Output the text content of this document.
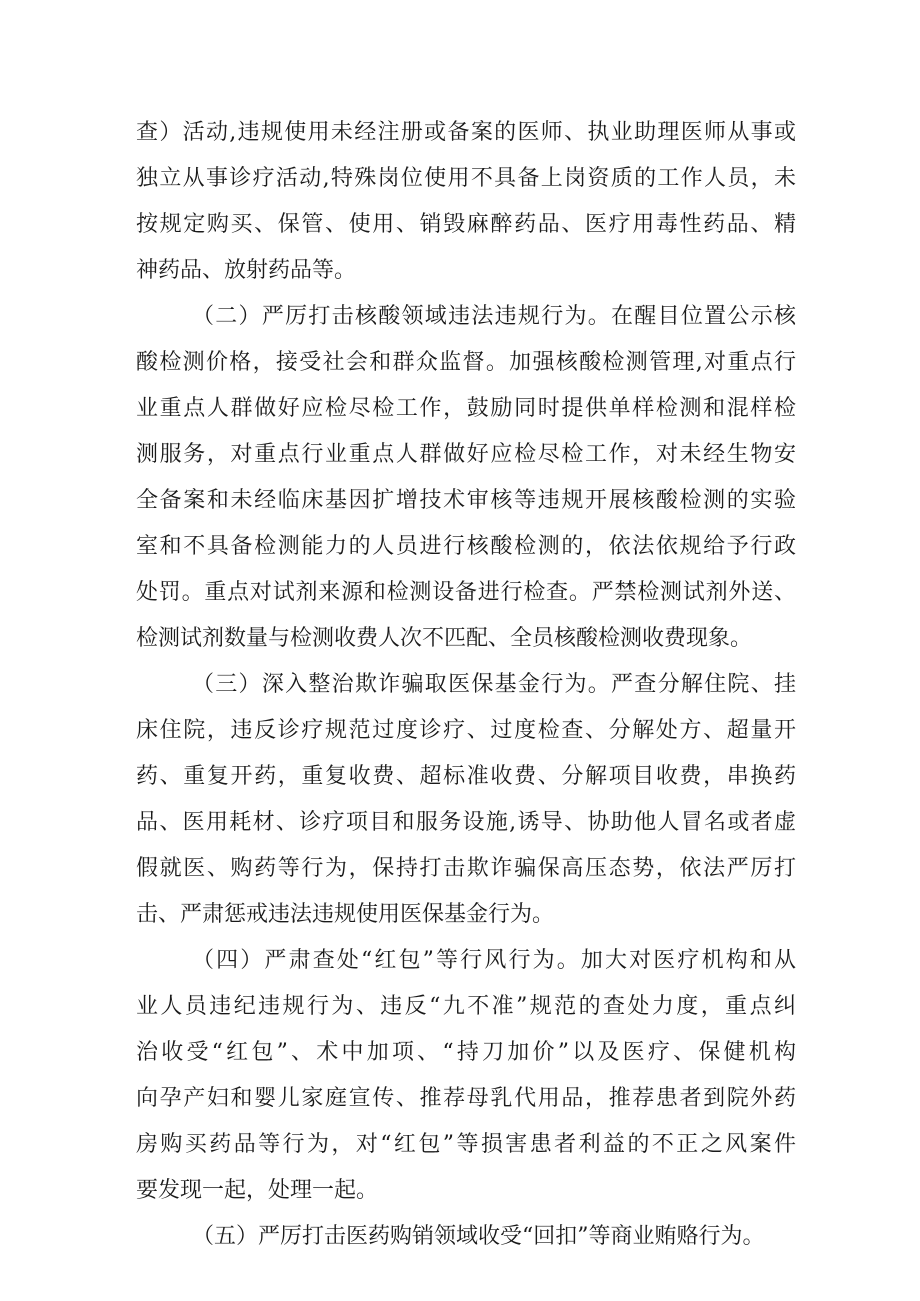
查）活动,违规使用未经注册或备案的医师、执业助理医师从事或
独立从事诊疗活动,特殊岗位使用不具备上岗资质的工作人员，未
按规定购买、保管、使用、销毁麻醉药品、医疗用毒性药品、精
神药品、放射药品等。
（二）严厉打击核酸领域违法违规行为。在醒目位置公示核
酸检测价格，接受社会和群众监督。加强核酸检测管理,对重点行
业重点人群做好应检尽检工作，鼓励同时提供单样检测和混样检
测服务，对重点行业重点人群做好应检尽检工作，对未经生物安
全备案和未经临床基因扩增技术审核等违规开展核酸检测的实验
室和不具备检测能力的人员进行核酸检测的，依法依规给予行政
处罚。重点对试剂来源和检测设备进行检查。严禁检测试剂外送、
检测试剂数量与检测收费人次不匹配、全员核酸检测收费现象。
（三）深入整治欺诈骗取医保基金行为。严查分解住院、挂
床住院，违反诊疗规范过度诊疗、过度检查、分解处方、超量开
药、重复开药，重复收费、超标准收费、分解项目收费，串换药
品、医用耗材、诊疗项目和服务设施,诱导、协助他人冒名或者虚
假就医、购药等行为，保持打击欺诈骗保高压态势，依法严厉打
击、严肃惩戒违法违规使用医保基金行为。
（四）严肃查处“红包”等行风行为。加大对医疗机构和从
业人员违纪违规行为、违反“九不准”规范的查处力度，重点纠
治收受“红包”、术中加项、“持刀加价”以及医疗、保健机构
向孕产妇和婴儿家庭宣传、推荐母乳代用品，推荐患者到院外药
房购买药品等行为，对“红包”等损害患者利益的不正之风案件
要发现一起，处理一起。
（五）严厉打击医药购销领域收受“回扣”等商业贿赂行为。
